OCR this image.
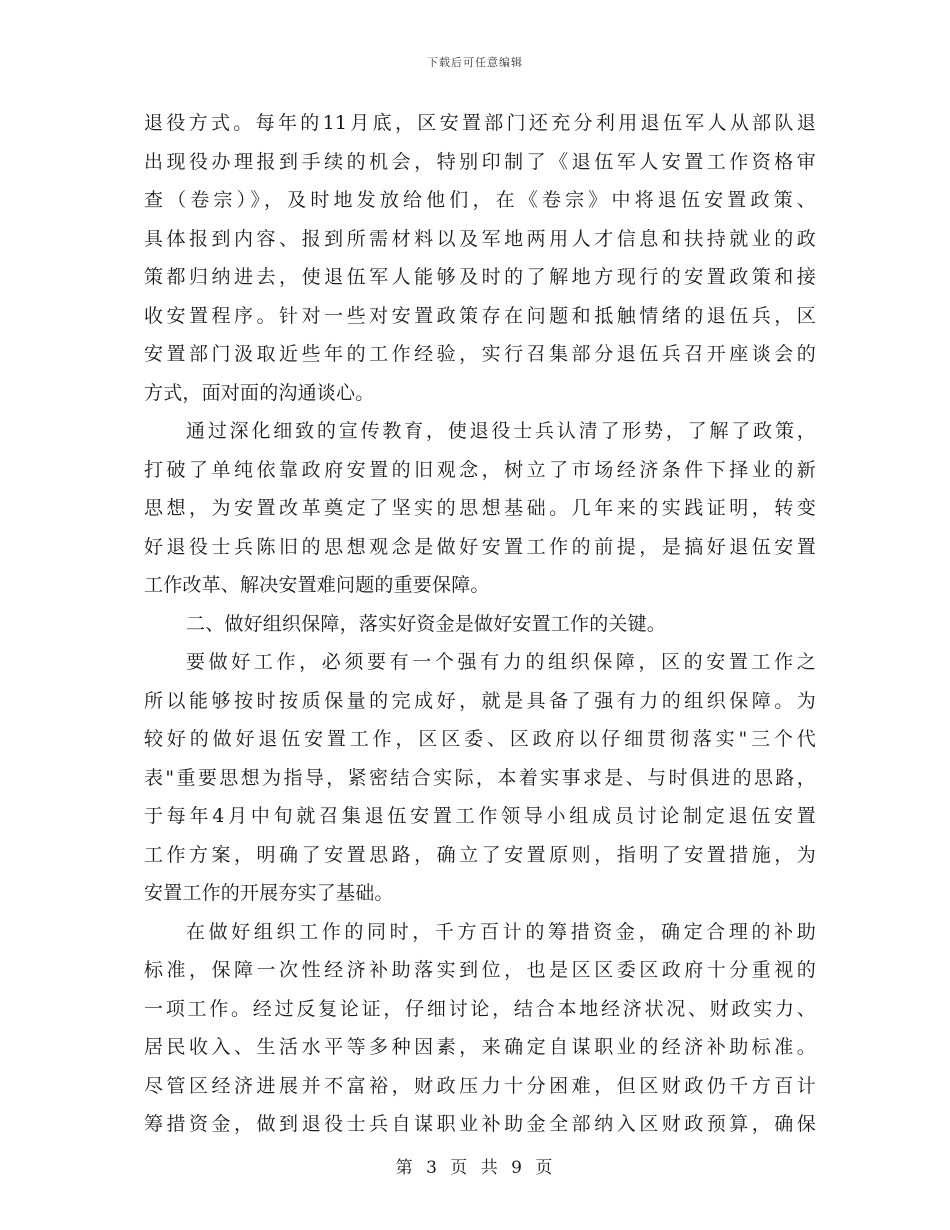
下载后可任意编辑
退役方式。每年的11月底，区安置部门还充分利用退伍军人从部队退
出现役办理报到手续的机会，特别印制了《退伍军人安置工作资格审
查（卷宗）》，及时地发放给他们，在《卷宗》中将退伍安置政策、
具体报到内容、报到所需材料以及军地两用人才信息和扶持就业的政
策都归纳进去，使退伍军人能够及时的了解地方现行的安置政策和接
收安置程序。针对一些对安置政策存在问题和抵触情绪的退伍兵，区
安置部门汲取近些年的工作经验，实行召集部分退伍兵召开座谈会的
方式，面对面的沟通谈心。
通过深化细致的宣传教育，使退役士兵认清了形势，了解了政策，
打破了单纯依靠政府安置的旧观念，树立了市场经济条件下择业的新
思想，为安置改革奠定了坚实的思想基础。几年来的实践证明，转变
好退役士兵陈旧的思想观念是做好安置工作的前提，是搞好退伍安置
工作改革、解决安置难问题的重要保障。
二、做好组织保障，落实好资金是做好安置工作的关键。
要做好工作，必须要有一个强有力的组织保障，区的安置工作之
所以能够按时按质保量的完成好，就是具备了强有力的组织保障。为
较好的做好退伍安置工作，区区委、区政府以仔细贯彻落实"三个代
表"重要思想为指导，紧密结合实际，本着实事求是、与时俱进的思路，
于每年4月中旬就召集退伍安置工作领导小组成员讨论制定退伍安置
工作方案，明确了安置思路，确立了安置原则，指明了安置措施，为
安置工作的开展夯实了基础。
在做好组织工作的同时，千方百计的筹措资金，确定合理的补助
标准，保障一次性经济补助落实到位，也是区区委区政府十分重视的
一项工作。经过反复论证，仔细讨论，结合本地经济状况、财政实力、
居民收入、生活水平等多种因素，来确定自谋职业的经济补助标准。
尽管区经济进展并不富裕，财政压力十分困难，但区财政仍千方百计
筹措资金，做到退役士兵自谋职业补助金全部纳入区财政预算，确保
第 3 页 共 9 页
